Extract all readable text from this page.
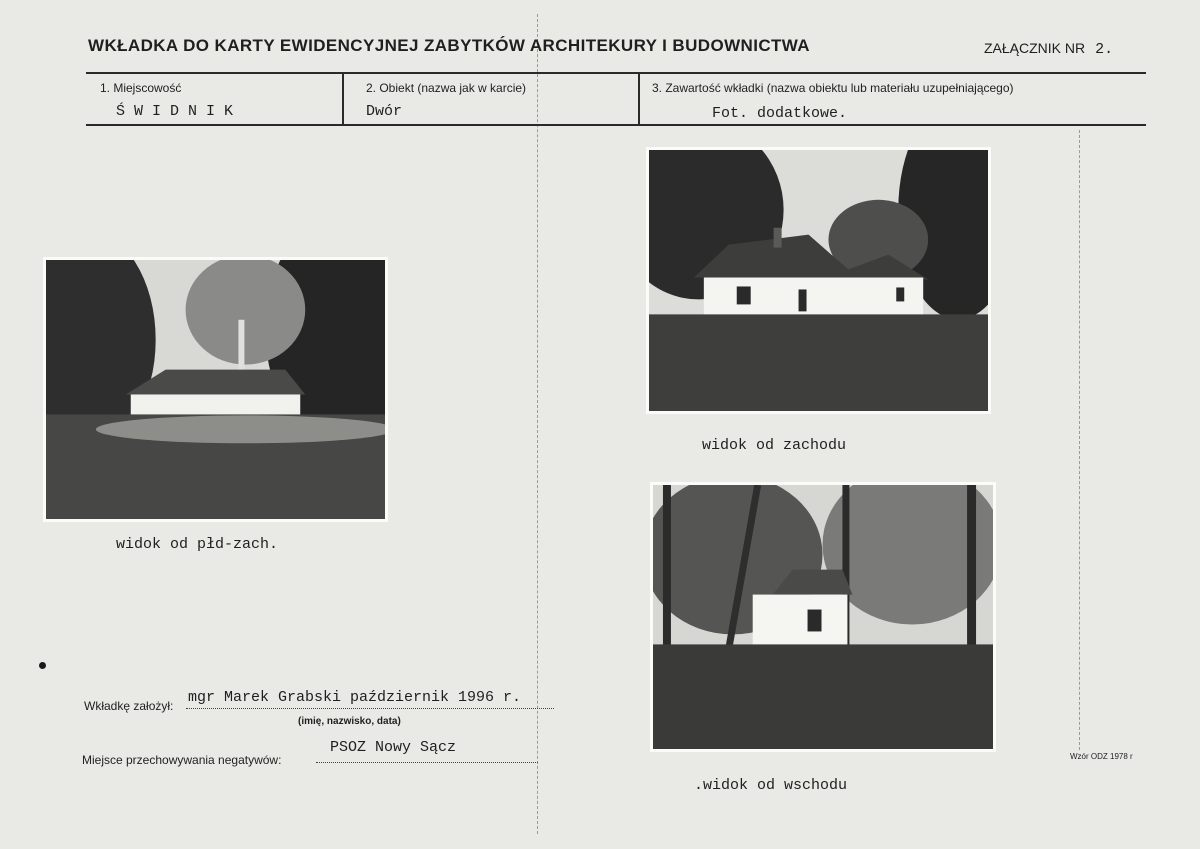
WKŁADKA DO KARTY EWIDENCYJNEJ ZABYTKÓW ARCHITEKURY I BUDOWNICTWA	ZAŁĄCZNIK NR 2.
1. Miejscowość
Ś W I D N I K
2. Obiekt (nazwa jak w karcie)
Dwór
3. Zawartość wkładki (nazwa obiektu lub materiału uzupełniającego)
Fot. dodatkowe.
widok od płd-zach.
widok od zachodu
.widok od wschodu
Wkładkę założył: mgr Marek Grabski październik 1996 r.
(imię, nazwisko, data)
Miejsce przechowywania negatywów:
PSOZ Nowy Sącz
Wzór ODZ 1978 r
